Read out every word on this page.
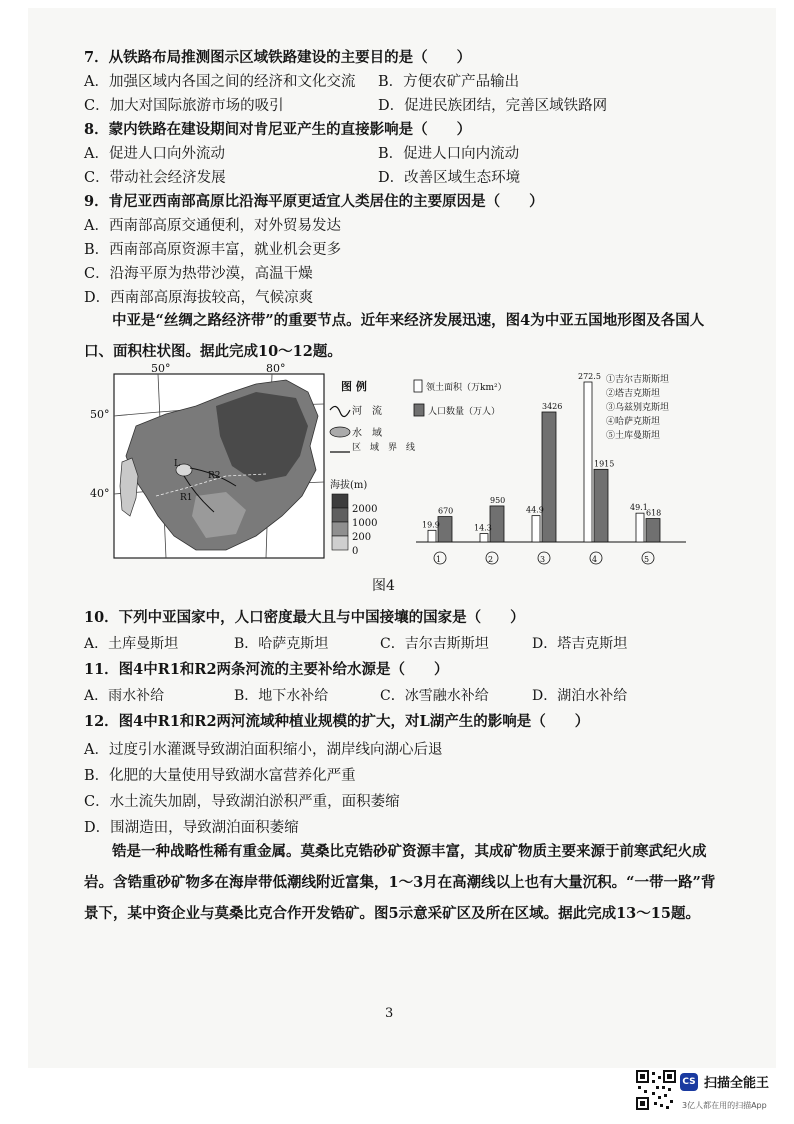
7．从铁路布局推测图示区域铁路建设的主要目的是（　　）
A．加强区域内各国之间的经济和文化交流 B．方便农矿产品输出
C．加大对国际旅游市场的吸引	D．促进民族团结，完善区域铁路网
8．蒙内铁路在建设期间对肯尼亚产生的直接影响是（　　）
A．促进人口向外流动	B．促进人口向内流动
C．带动社会经济发展	D．改善区域生态环境
9．肯尼亚西南部高原比沿海平原更适宜人类居住的主要原因是（　　）
A．西南部高原交通便利，对外贸易发达
B．西南部高原资源丰富，就业机会更多
C．沿海平原为热带沙漠，高温干燥
D．西南部高原海拔较高，气候凉爽

中亚是“丝绸之路经济带”的重要节点。近年来经济发展迅速，图4为中亚五国地形图及各国人口、面积柱状图。据此完成10～12题。

50°	80°
50°
40°
L
R1
R2
图 例
河　流
水　域
区　域　界　线
海拔(m)
2000
1000
200
0
19.9
670
1
14.3
950
2
44.9
3426
3
272.5
1915
4
49.1
618
5
领土面积（万km²）
人口数量（万人）
①吉尔吉斯斯坦
②塔吉克斯坦
③乌兹别克斯坦
④哈萨克斯坦
⑤土库曼斯坦
图4
10．下列中亚国家中，人口密度最大且与中国接壤的国家是（　　）
A．土库曼斯坦	B．哈萨克斯坦	C．吉尔吉斯斯坦	D．塔吉克斯坦
11．图4中R1和R2两条河流的主要补给水源是（　　）
A．雨水补给	B．地下水补给	C．冰雪融水补给	D．湖泊水补给
12．图4中R1和R2两河流域种植业规模的扩大，对L湖产生的影响是（　　）
A．过度引水灌溉导致湖泊面积缩小，湖岸线向湖心后退
B．化肥的大量使用导致湖水富营养化严重
C．水土流失加剧，导致湖泊淤积严重，面积萎缩
D．围湖造田，导致湖泊面积萎缩

锆是一种战略性稀有重金属。莫桑比克锆砂矿资源丰富，其成矿物质主要来源于前寒武纪火成岩。含锆重砂矿物多在海岸带低潮线附近富集，1～3月在高潮线以上也有大量沉积。“一带一路”背景下，某中资企业与莫桑比克合作开发锆矿。图5示意采矿区及所在区域。据此完成13～15题。

3
CS 扫描全能王
3亿人都在用的扫描App
